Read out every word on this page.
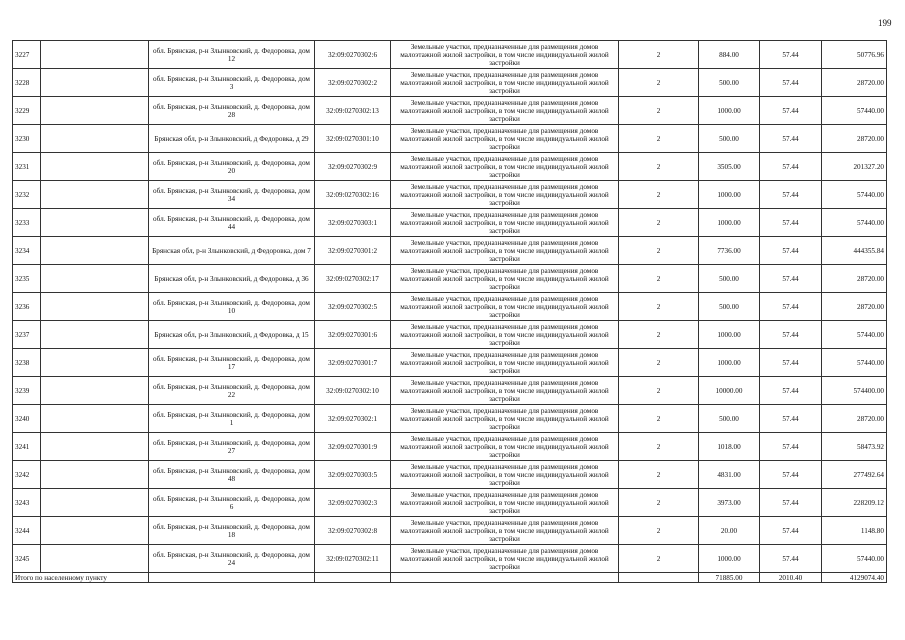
199
3227		обл. Брянская, р-н Злынковский, д. Федоровка, дом 12	32:09:0270302:6	Земельные участки, предназначенные для размещения домов малоэтажной жилой застройки, в том числе индивидуальной жилой застройки	2	884.00	57.44	50776.96
3228		обл. Брянская, р-н Злынковский, д. Федоровка, дом 3	32:09:0270302:2	Земельные участки, предназначенные для размещения домов малоэтажной жилой застройки, в том числе индивидуальной жилой застройки	2	500.00	57.44	28720.00
3229		обл. Брянская, р-н Злынковский, д. Федоровка, дом 28	32:09:0270302:13	Земельные участки, предназначенные для размещения домов малоэтажной жилой застройки, в том числе индивидуальной жилой застройки	2	1000.00	57.44	57440.00
3230		Брянская обл, р-н Злынковский, д Федоровка, д 29	32:09:0270301:10	Земельные участки, предназначенные для размещения домов малоэтажной жилой застройки, в том числе индивидуальной жилой застройки	2	500.00	57.44	28720.00
3231		обл. Брянская, р-н Злынковский, д. Федоровка, дом 20	32:09:0270302:9	Земельные участки, предназначенные для размещения домов малоэтажной жилой застройки, в том числе индивидуальной жилой застройки	2	3505.00	57.44	201327.20
3232		обл. Брянская, р-н Злынковский, д. Федоровка, дом 34	32:09:0270302:16	Земельные участки, предназначенные для размещения домов малоэтажной жилой застройки, в том числе индивидуальной жилой застройки	2	1000.00	57.44	57440.00
3233		обл. Брянская, р-н Злынковский, д. Федоровка, дом 44	32:09:0270303:1	Земельные участки, предназначенные для размещения домов малоэтажной жилой застройки, в том числе индивидуальной жилой застройки	2	1000.00	57.44	57440.00
3234		Брянская обл, р-н Злынковский, д Федоровка, дом 7	32:09:0270301:2	Земельные участки, предназначенные для размещения домов малоэтажной жилой застройки, в том числе индивидуальной жилой застройки	2	7736.00	57.44	444355.84
3235		Брянская обл, р-н Злынковский, д Федоровка, д 36	32:09:0270302:17	Земельные участки, предназначенные для размещения домов малоэтажной жилой застройки, в том числе индивидуальной жилой застройки	2	500.00	57.44	28720.00
3236		обл. Брянская, р-н Злынковский, д. Федоровка, дом 10	32:09:0270302:5	Земельные участки, предназначенные для размещения домов малоэтажной жилой застройки, в том числе индивидуальной жилой застройки	2	500.00	57.44	28720.00
3237		Брянская обл, р-н Злынковский, д Федоровка, д 15	32:09:0270301:6	Земельные участки, предназначенные для размещения домов малоэтажной жилой застройки, в том числе индивидуальной жилой застройки	2	1000.00	57.44	57440.00
3238		обл. Брянская, р-н Злынковский, д. Федоровка, дом 17	32:09:0270301:7	Земельные участки, предназначенные для размещения домов малоэтажной жилой застройки, в том числе индивидуальной жилой застройки	2	1000.00	57.44	57440.00
3239		обл. Брянская, р-н Злынковский, д. Федоровка, дом 22	32:09:0270302:10	Земельные участки, предназначенные для размещения домов малоэтажной жилой застройки, в том числе индивидуальной жилой застройки	2	10000.00	57.44	574400.00
3240		обл. Брянская, р-н Злынковский, д. Федоровка, дом 1	32:09:0270302:1	Земельные участки, предназначенные для размещения домов малоэтажной жилой застройки, в том числе индивидуальной жилой застройки	2	500.00	57.44	28720.00
3241		обл. Брянская, р-н Злынковский, д. Федоровка, дом 27	32:09:0270301:9	Земельные участки, предназначенные для размещения домов малоэтажной жилой застройки, в том числе индивидуальной жилой застройки	2	1018.00	57.44	58473.92
3242		обл. Брянская, р-н Злынковский, д. Федоровка, дом 48	32:09:0270303:5	Земельные участки, предназначенные для размещения домов малоэтажной жилой застройки, в том числе индивидуальной жилой застройки	2	4831.00	57.44	277492.64
3243		обл. Брянская, р-н Злынковский, д. Федоровка, дом 6	32:09:0270302:3	Земельные участки, предназначенные для размещения домов малоэтажной жилой застройки, в том числе индивидуальной жилой застройки	2	3973.00	57.44	228209.12
3244		обл. Брянская, р-н Злынковский, д. Федоровка, дом 18	32:09:0270302:8	Земельные участки, предназначенные для размещения домов малоэтажной жилой застройки, в том числе индивидуальной жилой застройки	2	20.00	57.44	1148.80
3245		обл. Брянская, р-н Злынковский, д. Федоровка, дом 24	32:09:0270302:11	Земельные участки, предназначенные для размещения домов малоэтажной жилой застройки, в том числе индивидуальной жилой застройки	2	1000.00	57.44	57440.00
Итого по населенному пункту						71885.00	2010.40	4129074.40
